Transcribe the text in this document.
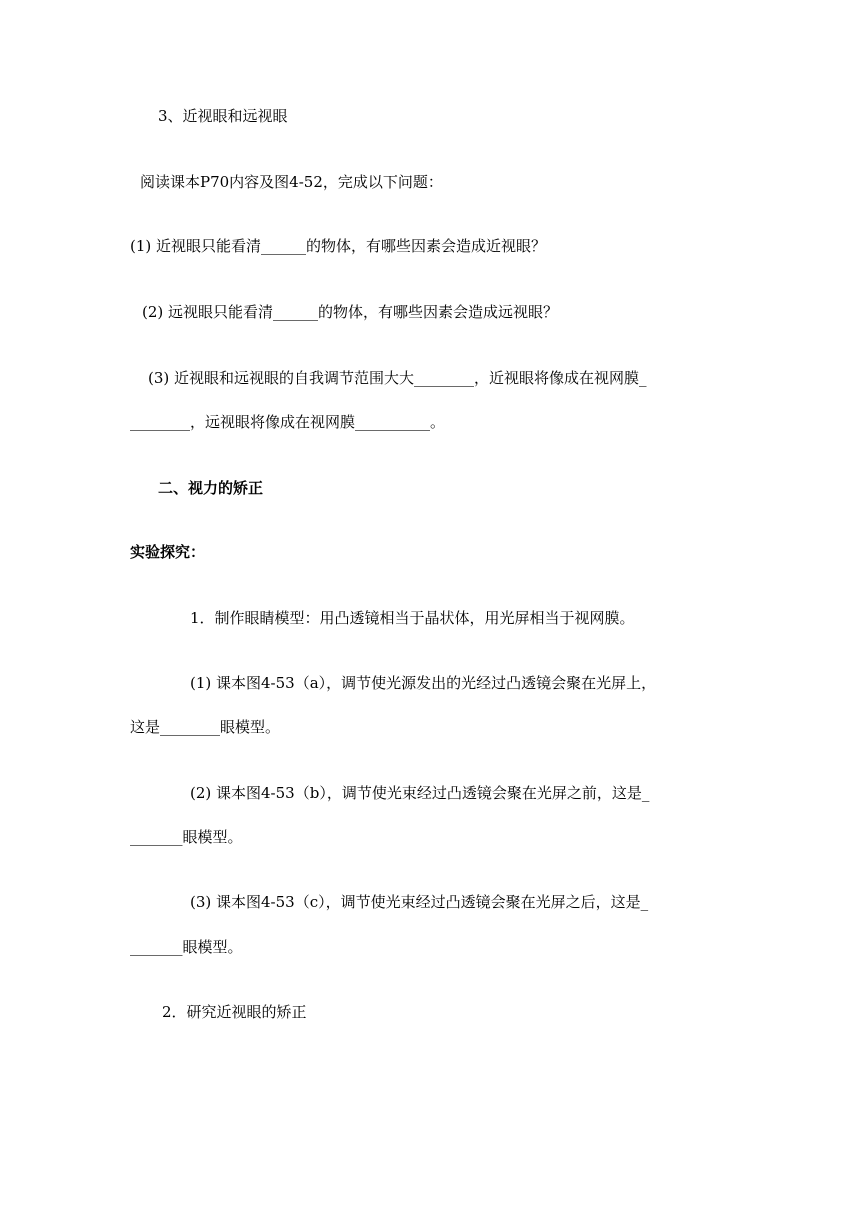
3、近视眼和远视眼
阅读课本P70内容及图4-52，完成以下问题：
(1) 近视眼只能看清______的物体，有哪些因素会造成近视眼？
(2) 远视眼只能看清______的物体，有哪些因素会造成远视眼？
(3) 近视眼和远视眼的自我调节范围大大________，近视眼将像成在视网膜_
________，远视眼将像成在视网膜__________。
二、视力的矫正
实验探究：
1．制作眼睛模型：用凸透镜相当于晶状体，用光屏相当于视网膜。
(1) 课本图4-53（a），调节使光源发出的光经过凸透镜会聚在光屏上，
这是________眼模型。
(2) 课本图4-53（b），调节使光束经过凸透镜会聚在光屏之前，这是_
_______眼模型。
(3) 课本图4-53（c），调节使光束经过凸透镜会聚在光屏之后，这是_
_______眼模型。
2．研究近视眼的矫正
